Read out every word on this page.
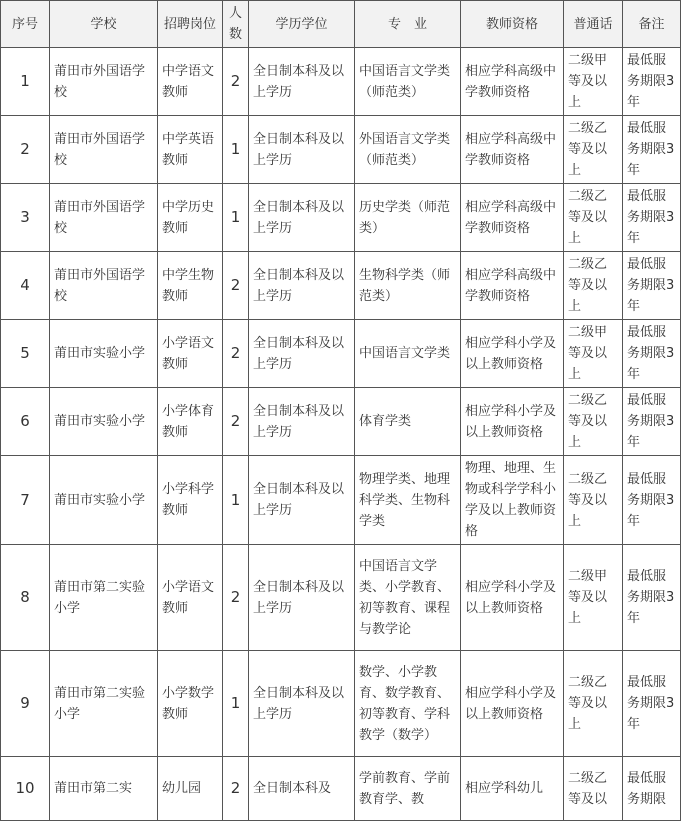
序号	学校	招聘岗位	人数	学历学位	专　业	教师资格	普通话	备注
1	莆田市外国语学校	中学语文教师	2	全日制本科及以上学历	中国语言文学类（师范类）	相应学科高级中学教师资格	二级甲等及以上	最低服务期限3年
2	莆田市外国语学校	中学英语教师	1	全日制本科及以上学历	外国语言文学类（师范类）	相应学科高级中学教师资格	二级乙等及以上	最低服务期限3年
3	莆田市外国语学校	中学历史教师	1	全日制本科及以上学历	历史学类（师范类）	相应学科高级中学教师资格	二级乙等及以上	最低服务期限3年
4	莆田市外国语学校	中学生物教师	2	全日制本科及以上学历	生物科学类（师范类）	相应学科高级中学教师资格	二级乙等及以上	最低服务期限3年
5	莆田市实验小学	小学语文教师	2	全日制本科及以上学历	中国语言文学类	相应学科小学及以上教师资格	二级甲等及以上	最低服务期限3年
6	莆田市实验小学	小学体育教师	2	全日制本科及以上学历	体育学类	相应学科小学及以上教师资格	二级乙等及以上	最低服务期限3年
7	莆田市实验小学	小学科学教师	1	全日制本科及以上学历	物理学类、地理科学类、生物科学类	物理、地理、生物或科学学科小学及以上教师资格	二级乙等及以上	最低服务期限3年
8	莆田市第二实验小学	小学语文教师	2	全日制本科及以上学历	中国语言文学类、小学教育、初等教育、课程与教学论	相应学科小学及以上教师资格	二级甲等及以上	最低服务期限3年
9	莆田市第二实验小学	小学数学教师	1	全日制本科及以上学历	数学、小学教育、数学教育、初等教育、学科教学（数学）	相应学科小学及以上教师资格	二级乙等及以上	最低服务期限3年
10	莆田市第二实	幼儿园	2	全日制本科及	学前教育、学前教育学、教	相应学科幼儿	二级乙等及以	最低服务期限
